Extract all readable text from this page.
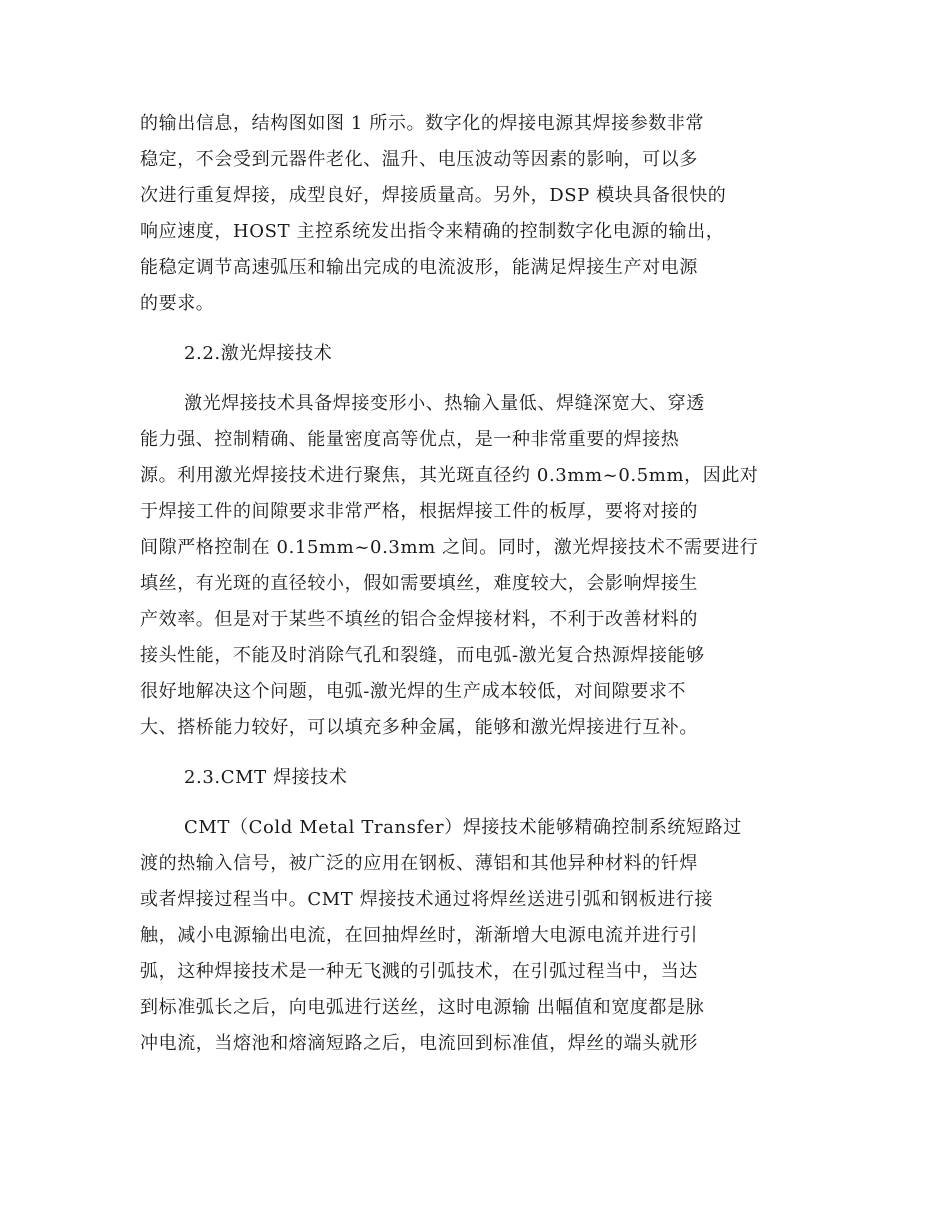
的输出信息，结构图如图 1 所示。数字化的焊接电源其焊接参数非常
稳定，不会受到元器件老化、温升、电压波动等因素的影响，可以多
次进行重复焊接，成型良好，焊接质量高。另外，DSP 模块具备很快的
响应速度，HOST 主控系统发出指令来精确的控制数字化电源的输出，
能稳定调节高速弧压和输出完成的电流波形，能满足焊接生产对电源
的要求。
2.2.激光焊接技术
激光焊接技术具备焊接变形小、热输入量低、焊缝深宽大、穿透
能力强、控制精确、能量密度高等优点，是一种非常重要的焊接热
源。利用激光焊接技术进行聚焦，其光斑直径约 0.3mm~0.5mm，因此对
于焊接工件的间隙要求非常严格，根据焊接工件的板厚，要将对接的
间隙严格控制在 0.15mm~0.3mm 之间。同时，激光焊接技术不需要进行
填丝，有光斑的直径较小，假如需要填丝，难度较大，会影响焊接生
产效率。但是对于某些不填丝的铝合金焊接材料，不利于改善材料的
接头性能，不能及时消除气孔和裂缝，而电弧-激光复合热源焊接能够
很好地解决这个问题，电弧-激光焊的生产成本较低，对间隙要求不
大、搭桥能力较好，可以填充多种金属，能够和激光焊接进行互补。
2.3.CMT 焊接技术
CMT（Cold Metal Transfer）焊接技术能够精确控制系统短路过
渡的热输入信号，被广泛的应用在钢板、薄铝和其他异种材料的钎焊
或者焊接过程当中。CMT 焊接技术通过将焊丝送进引弧和钢板进行接
触，减小电源输出电流，在回抽焊丝时，渐渐增大电源电流并进行引
弧，这种焊接技术是一种无飞溅的引弧技术，在引弧过程当中，当达
到标准弧长之后，向电弧进行送丝，这时电源输 出幅值和宽度都是脉
冲电流，当熔池和熔滴短路之后，电流回到标准值，焊丝的端头就形
